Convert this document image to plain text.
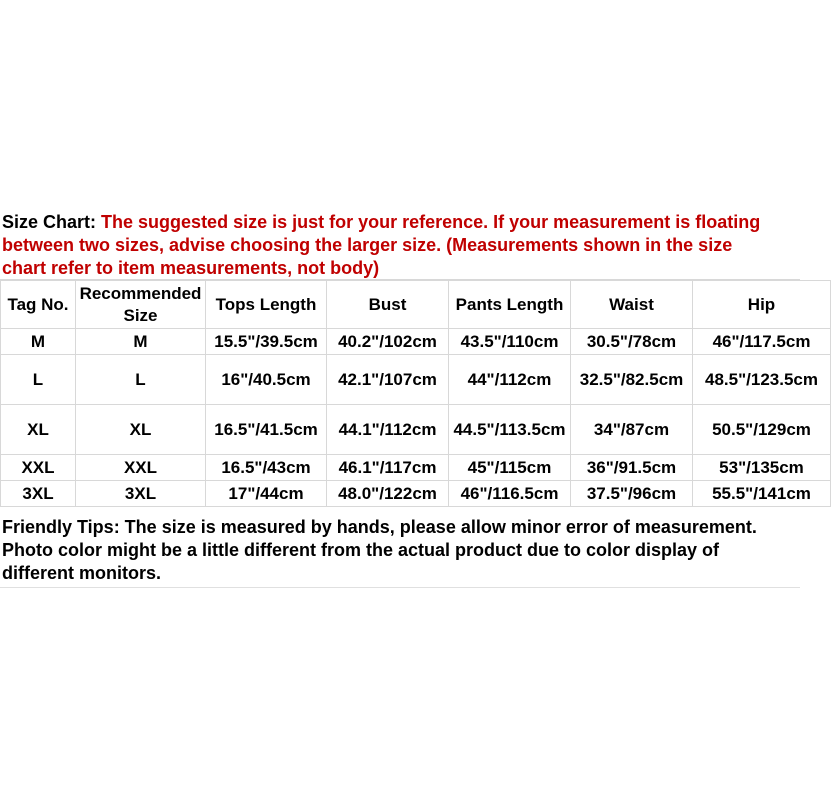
Size Chart: The suggested size is just for your reference. If your measurement is floating
between two sizes, advise choosing the larger size. (Measurements shown in the size
chart refer to item measurements, not body)
Tag No.	Recommended Size	Tops Length	Bust	Pants Length	Waist	Hip
M	M	15.5"/39.5cm	40.2"/102cm	43.5"/110cm	30.5"/78cm	46"/117.5cm
L	L	16"/40.5cm	42.1"/107cm	44"/112cm	32.5"/82.5cm	48.5"/123.5cm
XL	XL	16.5"/41.5cm	44.1"/112cm	44.5"/113.5cm	34"/87cm	50.5"/129cm
XXL	XXL	16.5"/43cm	46.1"/117cm	45"/115cm	36"/91.5cm	53"/135cm
3XL	3XL	17"/44cm	48.0"/122cm	46"/116.5cm	37.5"/96cm	55.5"/141cm
Friendly Tips: The size is measured by hands, please allow minor error of measurement.
Photo color might be a little different from the actual product due to color display of
different monitors.
